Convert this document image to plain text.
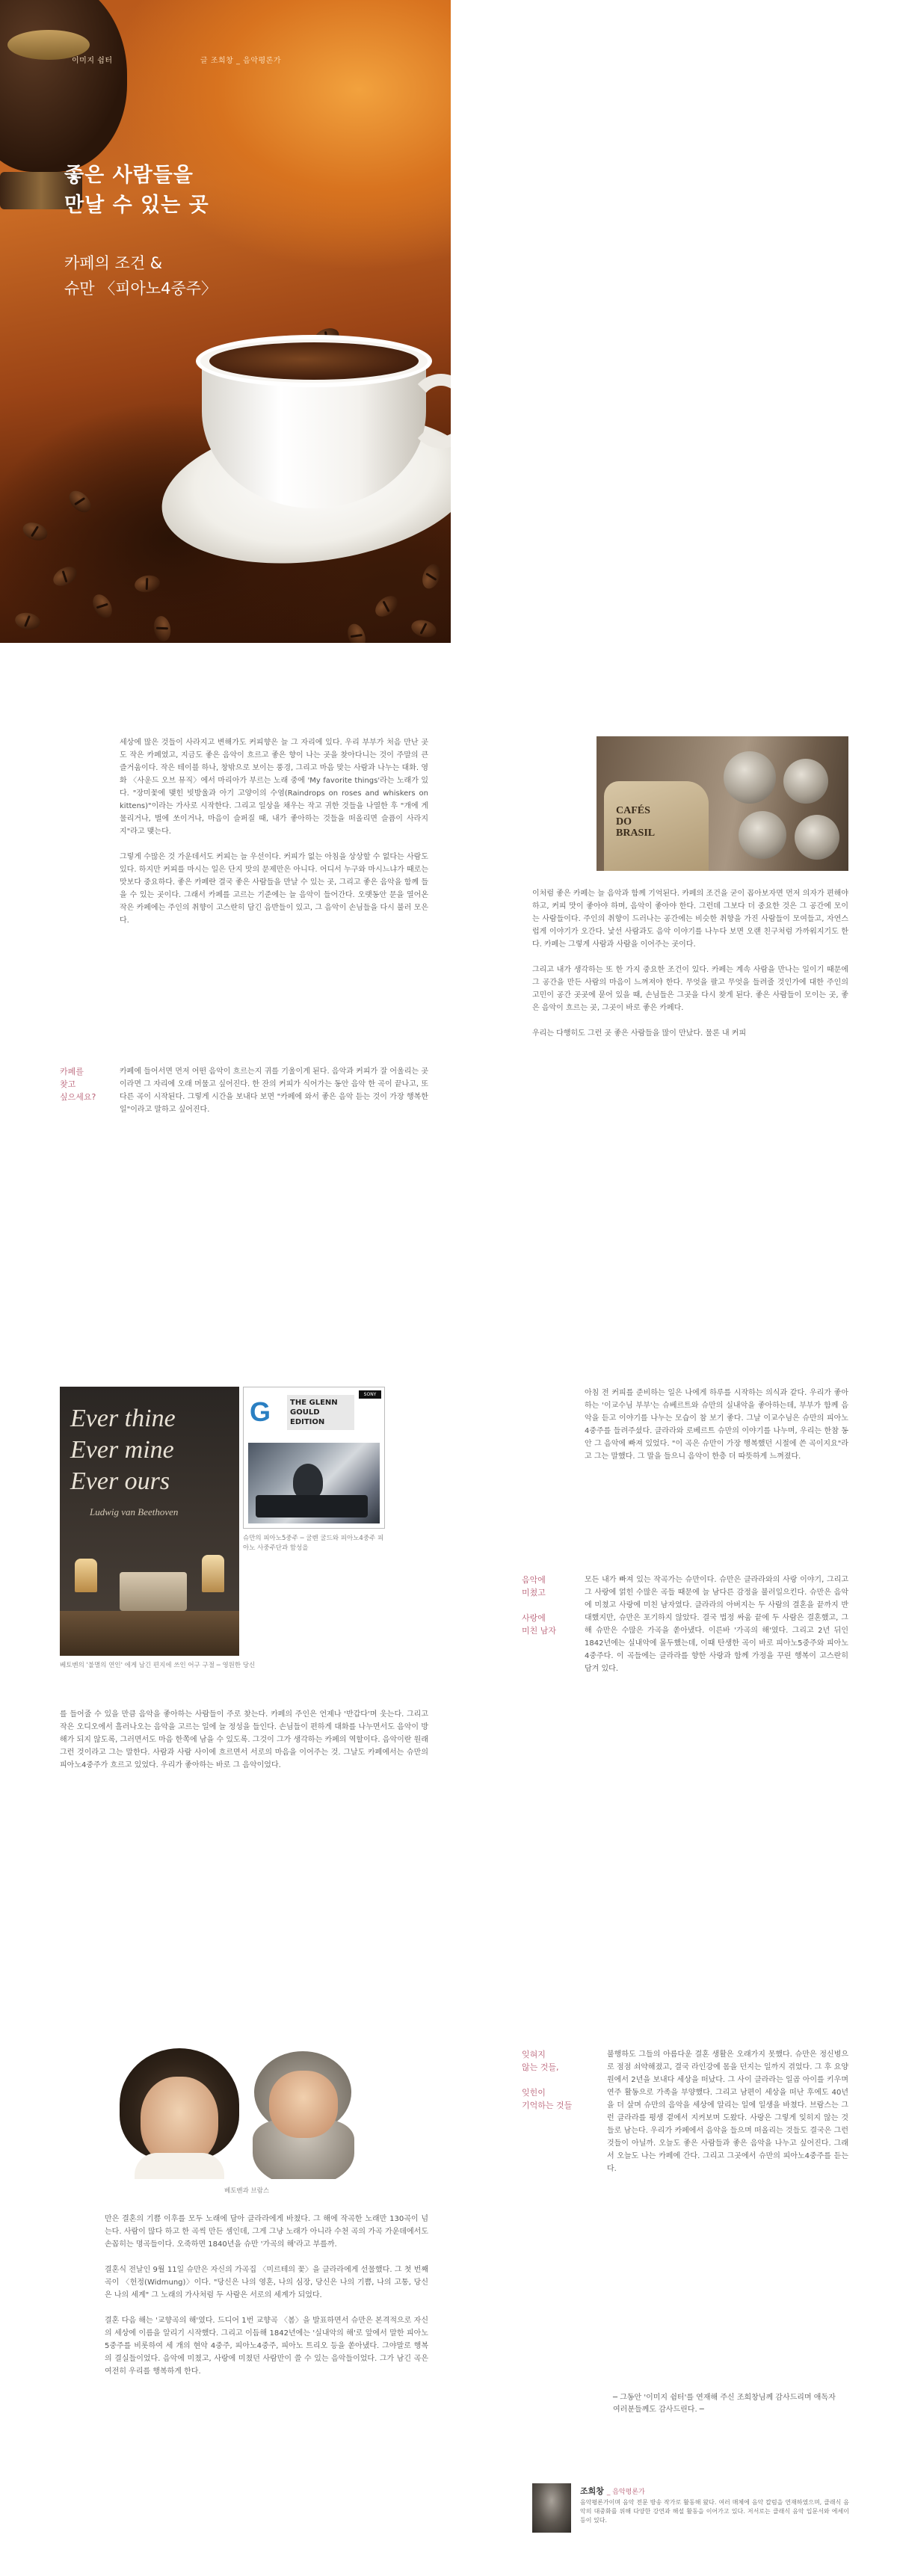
이미지 쉼터	글 조희창 _ 음악평론가
좋은 사람들을
만날 수 있는 곳
카페의 조건 &
슈만 〈피아노4중주〉

세상에 많은 것들이 사라지고 변해가도 커피향은 늘 그 자리에 있다. 우리 부부가 처음 만난 곳도 작은 카페였고, 지금도 좋은 음악이 흐르고 좋은 향이 나는 곳을 찾아다니는 것이 주말의 큰 즐거움이다. 작은 테이블 하나, 창밖으로 보이는 풍경, 그리고 마음 맞는 사람과 나누는 대화. 영화 〈사운드 오브 뮤직〉에서 마리아가 부르는 노래 중에 'My favorite things'라는 노래가 있다. "장미꽃에 맺힌 빗방울과 아기 고양이의 수염(Raindrops on roses and whiskers on kittens)"이라는 가사로 시작한다. 그리고 일상을 채우는 작고 귀한 것들을 나열한 후 "개에 게 물리거나, 벌에 쏘이거나, 마음이 슬퍼질 때, 내가 좋아하는 것들을 떠올리면 슬픔이 사라지지"라고 맺는다.

그렇게 수많은 것 가운데서도 커피는 늘 우선이다. 커피가 없는 아침을 상상할 수 없다는 사람도 있다. 하지만 커피를 마시는 일은 단지 맛의 문제만은 아니다. 어디서 누구와 마시느냐가 때로는 맛보다 중요하다. 좋은 카페란 결국 좋은 사람들을 만날 수 있는 곳, 그리고 좋은 음악을 함께 들을 수 있는 곳이다. 그래서 카페를 고르는 기준에는 늘 음악이 들어간다. 오랫동안 문을 열어온 작은 카페에는 주인의 취향이 고스란히 담긴 음반들이 있고, 그 음악이 손님들을 다시 불러 모은다.

카페를
찾고
싶으세요?

카페에 들어서면 먼저 어떤 음악이 흐르는지 귀를 기울이게 된다. 음악과 커피가 잘 어울리는 곳이라면 그 자리에 오래 머물고 싶어진다. 한 잔의 커피가 식어가는 동안 음악 한 곡이 끝나고, 또 다른 곡이 시작된다. 그렇게 시간을 보내다 보면 "카페에 와서 좋은 음악 듣는 것이 가장 행복한 일"이라고 말하고 싶어진다.

CAFÉS
DO
BRASIL

이처럼 좋은 카페는 늘 음악과 함께 기억된다. 카페의 조건을 굳이 꼽아보자면 먼저 의자가 편해야 하고, 커피 맛이 좋아야 하며, 음악이 좋아야 한다. 그런데 그보다 더 중요한 것은 그 공간에 모이는 사람들이다. 주인의 취향이 드러나는 공간에는 비슷한 취향을 가진 사람들이 모여들고, 자연스럽게 이야기가 오간다. 낯선 사람과도 음악 이야기를 나누다 보면 오랜 친구처럼 가까워지기도 한다. 카페는 그렇게 사람과 사람을 이어주는 곳이다.

그리고 내가 생각하는 또 한 가지 중요한 조건이 있다. 카페는 계속 사람을 만나는 일이기 때문에 그 공간을 만든 사람의 마음이 느껴져야 한다. 무엇을 팔고 무엇을 들려줄 것인가에 대한 주인의 고민이 공간 곳곳에 묻어 있을 때, 손님들은 그곳을 다시 찾게 된다. 좋은 사람들이 모이는 곳, 좋은 음악이 흐르는 곳, 그곳이 바로 좋은 카페다.

우리는 다행히도 그런 곳 좋은 사람들을 많이 만났다. 물론 내 커피

Ever thine
Ever mine
Ever ours
Ludwig van Beethoven
베토벤의 '불멸의 연인' 에게 남긴 편지에 쓰인 어구 구절 ─ 영원한 당신
G	THE GLENN GOULD EDITION
SONY
슈만의 피아노5중주 ─ 굴렌 굴드와 피아노4중주 피아노 사중주단과 함성을

를 들어줄 수 있을 만큼 음악을 좋아하는 사람들이 주로 찾는다. 카페의 주인은 언제나 '반갑다'며 웃는다. 그리고 작은 오디오에서 흘러나오는 음악을 고르는 일에 늘 정성을 들인다. 손님들이 편하게 대화를 나누면서도 음악이 방해가 되지 않도록, 그러면서도 마음 한쪽에 남을 수 있도록. 그것이 그가 생각하는 카페의 역할이다. 음악이란 원래 그런 것이라고 그는 말한다. 사람과 사람 사이에 흐르면서 서로의 마음을 이어주는 것. 그날도 카페에서는 슈만의 피아노4중주가 흐르고 있었다. 우리가 좋아하는 바로 그 음악이었다.

아침 전 커피를 준비하는 일은 나에게 하루를 시작하는 의식과 같다. 우리가 좋아하는 '이교수님 부부'는 슈베르트와 슈만의 실내악을 좋아하는데, 부부가 함께 음악을 듣고 이야기를 나누는 모습이 참 보기 좋다. 그날 이교수님은 슈만의 피아노4중주를 들려주셨다. 클라라와 로베르트 슈만의 이야기를 나누며, 우리는 한참 동안 그 음악에 빠져 있었다. "이 곡은 슈만이 가장 행복했던 시절에 쓴 곡이지요"라고 그는 말했다. 그 말을 들으니 음악이 한층 더 따뜻하게 느껴졌다.

음악에
미쳤고
사랑에
미친 남자

모든 내가 빠져 있는 작곡가는 슈만이다. 슈만은 클라라와의 사랑 이야기, 그리고 그 사랑에 얽힌 수많은 곡들 때문에 늘 남다른 감정을 불러일으킨다. 슈만은 음악에 미쳤고 사랑에 미친 남자였다. 클라라의 아버지는 두 사람의 결혼을 끝까지 반대했지만, 슈만은 포기하지 않았다. 결국 법정 싸움 끝에 두 사람은 결혼했고, 그해 슈만은 수많은 가곡을 쏟아냈다. 이른바 '가곡의 해'였다. 그리고 2년 뒤인 1842년에는 실내악에 몰두했는데, 이때 탄생한 곡이 바로 피아노5중주와 피아노4중주다. 이 곡들에는 클라라를 향한 사랑과 함께 가정을 꾸린 행복이 고스란히 담겨 있다.

베토벤과 브람스

만은 결혼의 기쁨 이후를 모두 노래에 담아 클라라에게 바쳤다. 그 해에 작곡한 노래만 130곡이 넘는다. 사람이 많다 하고 한 곡씩 만든 셈인데, 그게 그냥 노래가 아니라 수천 곡의 가곡 가운데에서도 손꼽히는 명곡들이다. 오죽하면 1840년을 슈만 '가곡의 해'라고 부를까.

결혼식 전날인 9월 11일 슈만은 자신의 가곡집 〈미르테의 꽃〉을 클라라에게 선물했다. 그 첫 번째 곡이 〈헌정(Widmung)〉이다. "당신은 나의 영혼, 나의 심장, 당신은 나의 기쁨, 나의 고통, 당신은 나의 세계" 그 노래의 가사처럼 두 사람은 서로의 세계가 되었다.

결혼 다음 해는 '교향곡의 해'였다. 드디어 1번 교향곡 〈봄〉을 발표하면서 슈만은 본격적으로 자신의 세상에 이름을 알리기 시작했다. 그리고 이듬해 1842년에는 '실내악의 해'로 앞에서 말한 피아노5중주를 비롯하여 세 개의 현악 4중주, 피아노4중주, 피아노 트리오 등을 쏟아냈다. 그야말로 행복의 결실들이었다. 음악에 미쳤고, 사랑에 미쳤던 사람만이 쓸 수 있는 음악들이었다. 그가 남긴 곡은 여전히 우리를 행복하게 한다.

잊혀지
않는 것들,
잊힌이
기억하는 것들

불행하도 그들의 아름다운 결혼 생활은 오래가지 못했다. 슈만은 정신병으로 점점 쇠약해졌고, 결국 라인강에 몸을 던지는 일까지 겪었다. 그 후 요양원에서 2년을 보내다 세상을 떠났다. 그 사이 클라라는 일곱 아이를 키우며 연주 활동으로 가족을 부양했다. 그리고 남편이 세상을 떠난 후에도 40년을 더 살며 슈만의 음악을 세상에 알리는 일에 일생을 바쳤다. 브람스는 그런 클라라를 평생 곁에서 지켜보며 도왔다. 사랑은 그렇게 잊히지 않는 것들로 남는다. 우리가 카페에서 음악을 들으며 떠올리는 것들도 결국은 그런 것들이 아닐까. 오늘도 좋은 사람들과 좋은 음악을 나누고 싶어진다. 그래서 오늘도 나는 카페에 간다. 그리고 그곳에서 슈만의 피아노4중주를 듣는다.

─ 그동안 '이미지 쉼터'를 연재해 주신 조희창님께 감사드리며 애독자 여러분들께도 감사드린다. ─
조희창 _ 음악평론가
음악평론가이며 음악 전문 방송 작가로 활동해 왔다. 여러 매체에 음악 칼럼을 연재하였으며, 클래식 음악의 대중화를 위해 다양한 강연과 해설 활동을 이어가고 있다. 저서로는 클래식 음악 입문서와 에세이 등이 있다.
